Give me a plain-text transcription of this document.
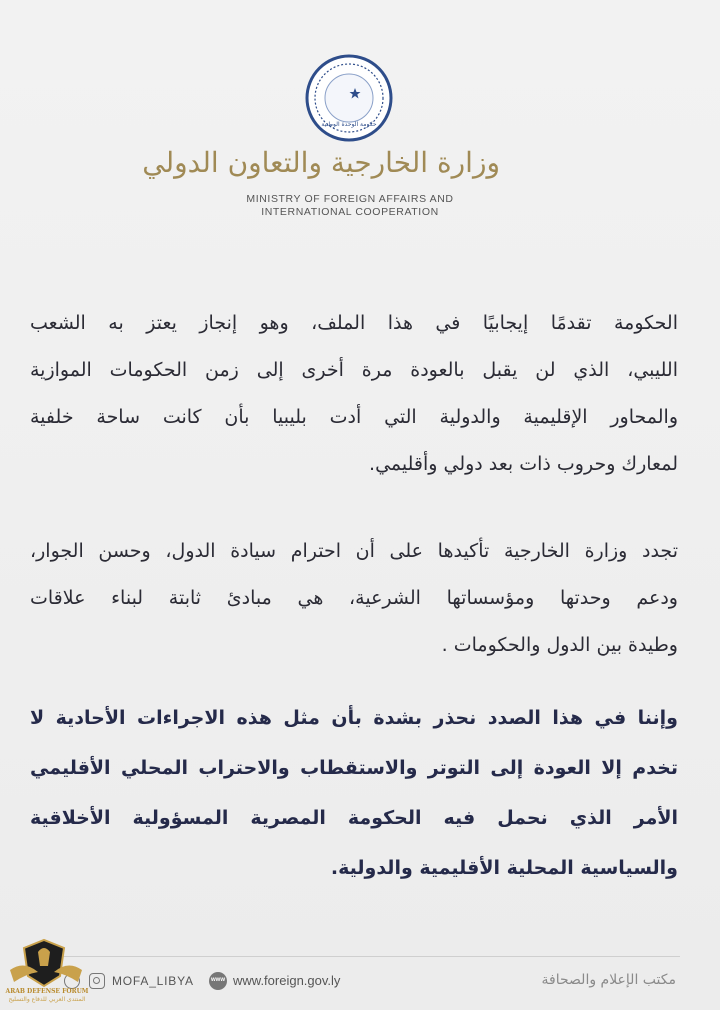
حكومة الوحدة الوطنية
وزارة الخارجية والتعاون الدولي
MINISTRY OF FOREIGN AFFAIRS AND
INTERNATIONAL COOPERATION
الحكومة تقدمًا إيجابيًا في هذا الملف، وهو إنجاز يعتز به الشعب
الليبي، الذي لن يقبل بالعودة مرة أخرى إلى زمن الحكومات الموازية
والمحاور الإقليمية والدولية التي أدت بليبيا بأن كانت ساحة خلفية
لمعارك وحروب ذات بعد دولي وأقليمي.
تجدد وزارة الخارجية تأكيدها على أن احترام سيادة الدول، وحسن الجوار،
ودعم وحدتها ومؤسساتها الشرعية، هي مبادئ ثابتة لبناء علاقات
وطيدة بين الدول والحكومات .
وإننا في هذا الصدد نحذر بشدة بأن مثل هذه الاجراءات الأحادية لا
تخدم إلا العودة إلى التوتر والاستقطاب والاحتراب المحلي الأقليمي
الأمر الذي نحمل فيه الحكومة المصرية المسؤولية الأخلاقية
والسياسية المحلية الأقليمية والدولية.
MOFA_LIBYA
www	www.foreign.gov.ly	مكتب الإعلام والصحافة
ARAB DEFENSE FORUM
المنتدى العربي للدفاع والتسليح
